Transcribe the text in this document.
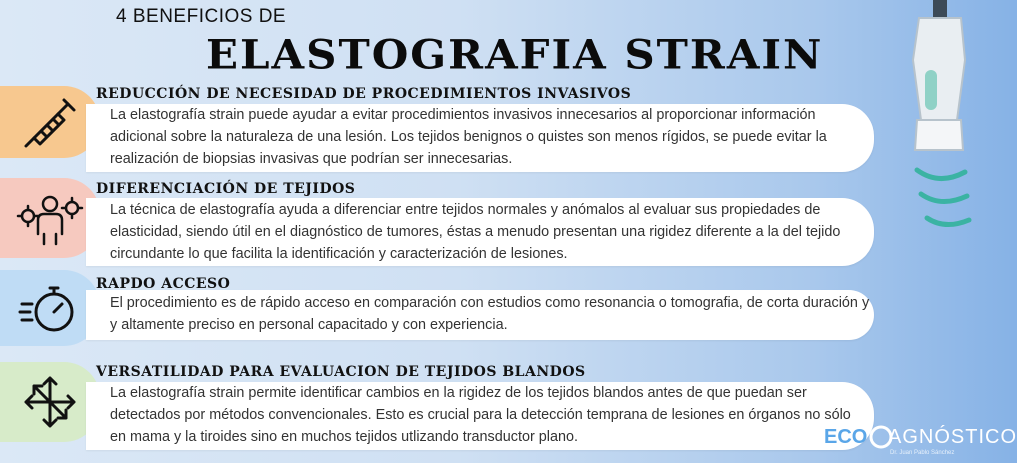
4 BENEFICIOS DE
ELASTOGRAFIA STRAIN
REDUCCIÓN DE NECESIDAD DE PROCEDIMIENTOS INVASIVOS
La elastografía strain puede ayudar a evitar procedimientos invasivos innecesarios al proporcionar información adicional sobre la naturaleza de una lesión. Los tejidos benignos o quistes son menos rígidos, se puede evitar la realización de biopsias invasivas que podrían ser innecesarias.
DIFERENCIACIÓN DE TEJIDOS
La técnica de elastografía ayuda a diferenciar entre tejidos normales y anómalos al evaluar sus propiedades de elasticidad, siendo útil en el diagnóstico de tumores, éstas a menudo presentan una rigidez diferente a la del tejido circundante lo que facilita la identificación y caracterización de lesiones.
RAPDO ACCESO
El procedimiento es de rápido acceso en comparación con estudios como resonancia o tomografia, de corta duración y y altamente preciso en personal capacitado y con experiencia.
VERSATILIDAD PARA EVALUACION DE TEJIDOS BLANDOS
La elastografía strain permite identificar cambios en la rigidez de los tejidos blandos antes de que puedan ser detectados por métodos convencionales. Esto es crucial para la detección temprana de lesiones en órganos no sólo en mama y la tiroides sino en muchos tejidos utlizando transductor plano.	ECO AGNÓSTICO
Dr. Juan Pablo Sánchez
